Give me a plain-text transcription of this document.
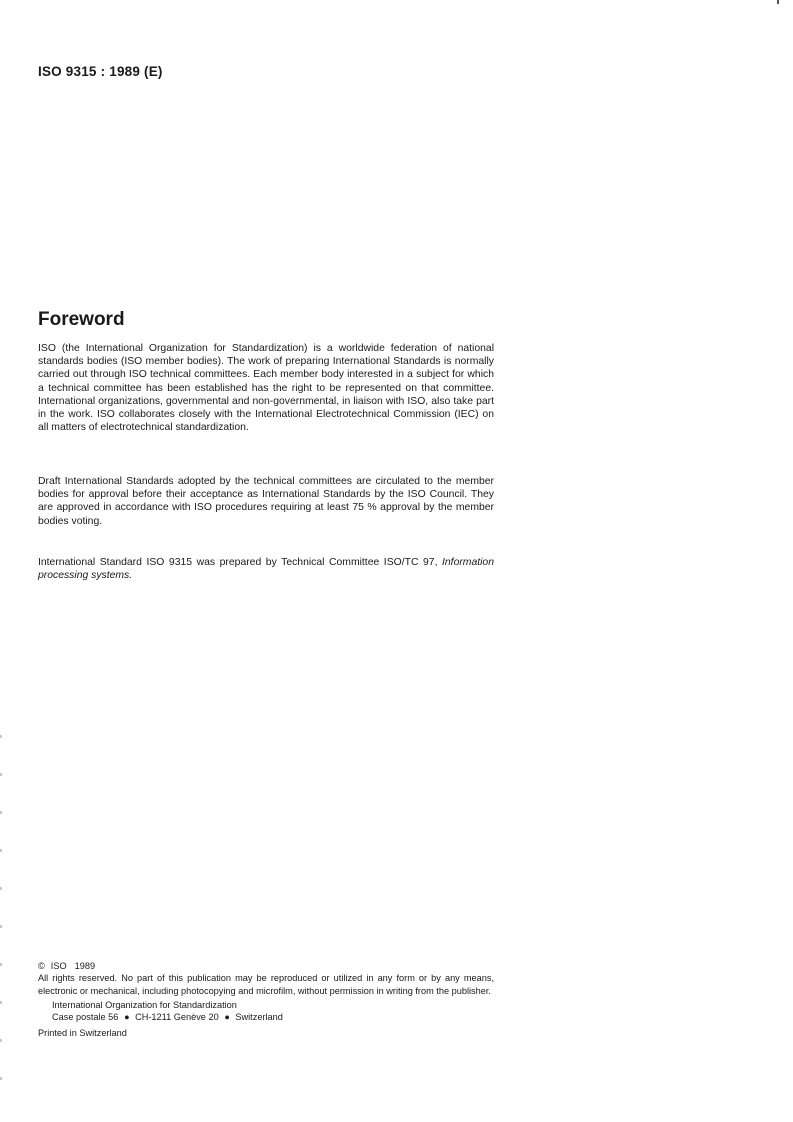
ISO 9315 : 1989 (E)
Foreword

ISO (the International Organization for Standardization) is a worldwide federation of national standards bodies (ISO member bodies). The work of preparing International Standards is normally carried out through ISO technical committees. Each member body interested in a subject for which a technical committee has been established has the right to be represented on that committee. International organizations, governmental and non-governmental, in liaison with ISO, also take part in the work. ISO collaborates closely with the International Electrotechnical Commission (IEC) on all matters of electrotechnical standardization.

Draft International Standards adopted by the technical committees are circulated to the member bodies for approval before their acceptance as International Standards by the ISO Council. They are approved in accordance with ISO procedures requiring at least 75 % approval by the member bodies voting.

International Standard ISO 9315 was prepared by Technical Committee ISO/TC 97, Information processing systems.

© ISO 1989

All rights reserved. No part of this publication may be reproduced or utilized in any form or by any means, electronic or mechanical, including photocopying and microfilm, without permission in writing from the publisher.

International Organization for Standardization
Case postale 56 ● CH-1211 Genève 20 ● Switzerland

Printed in Switzerland
